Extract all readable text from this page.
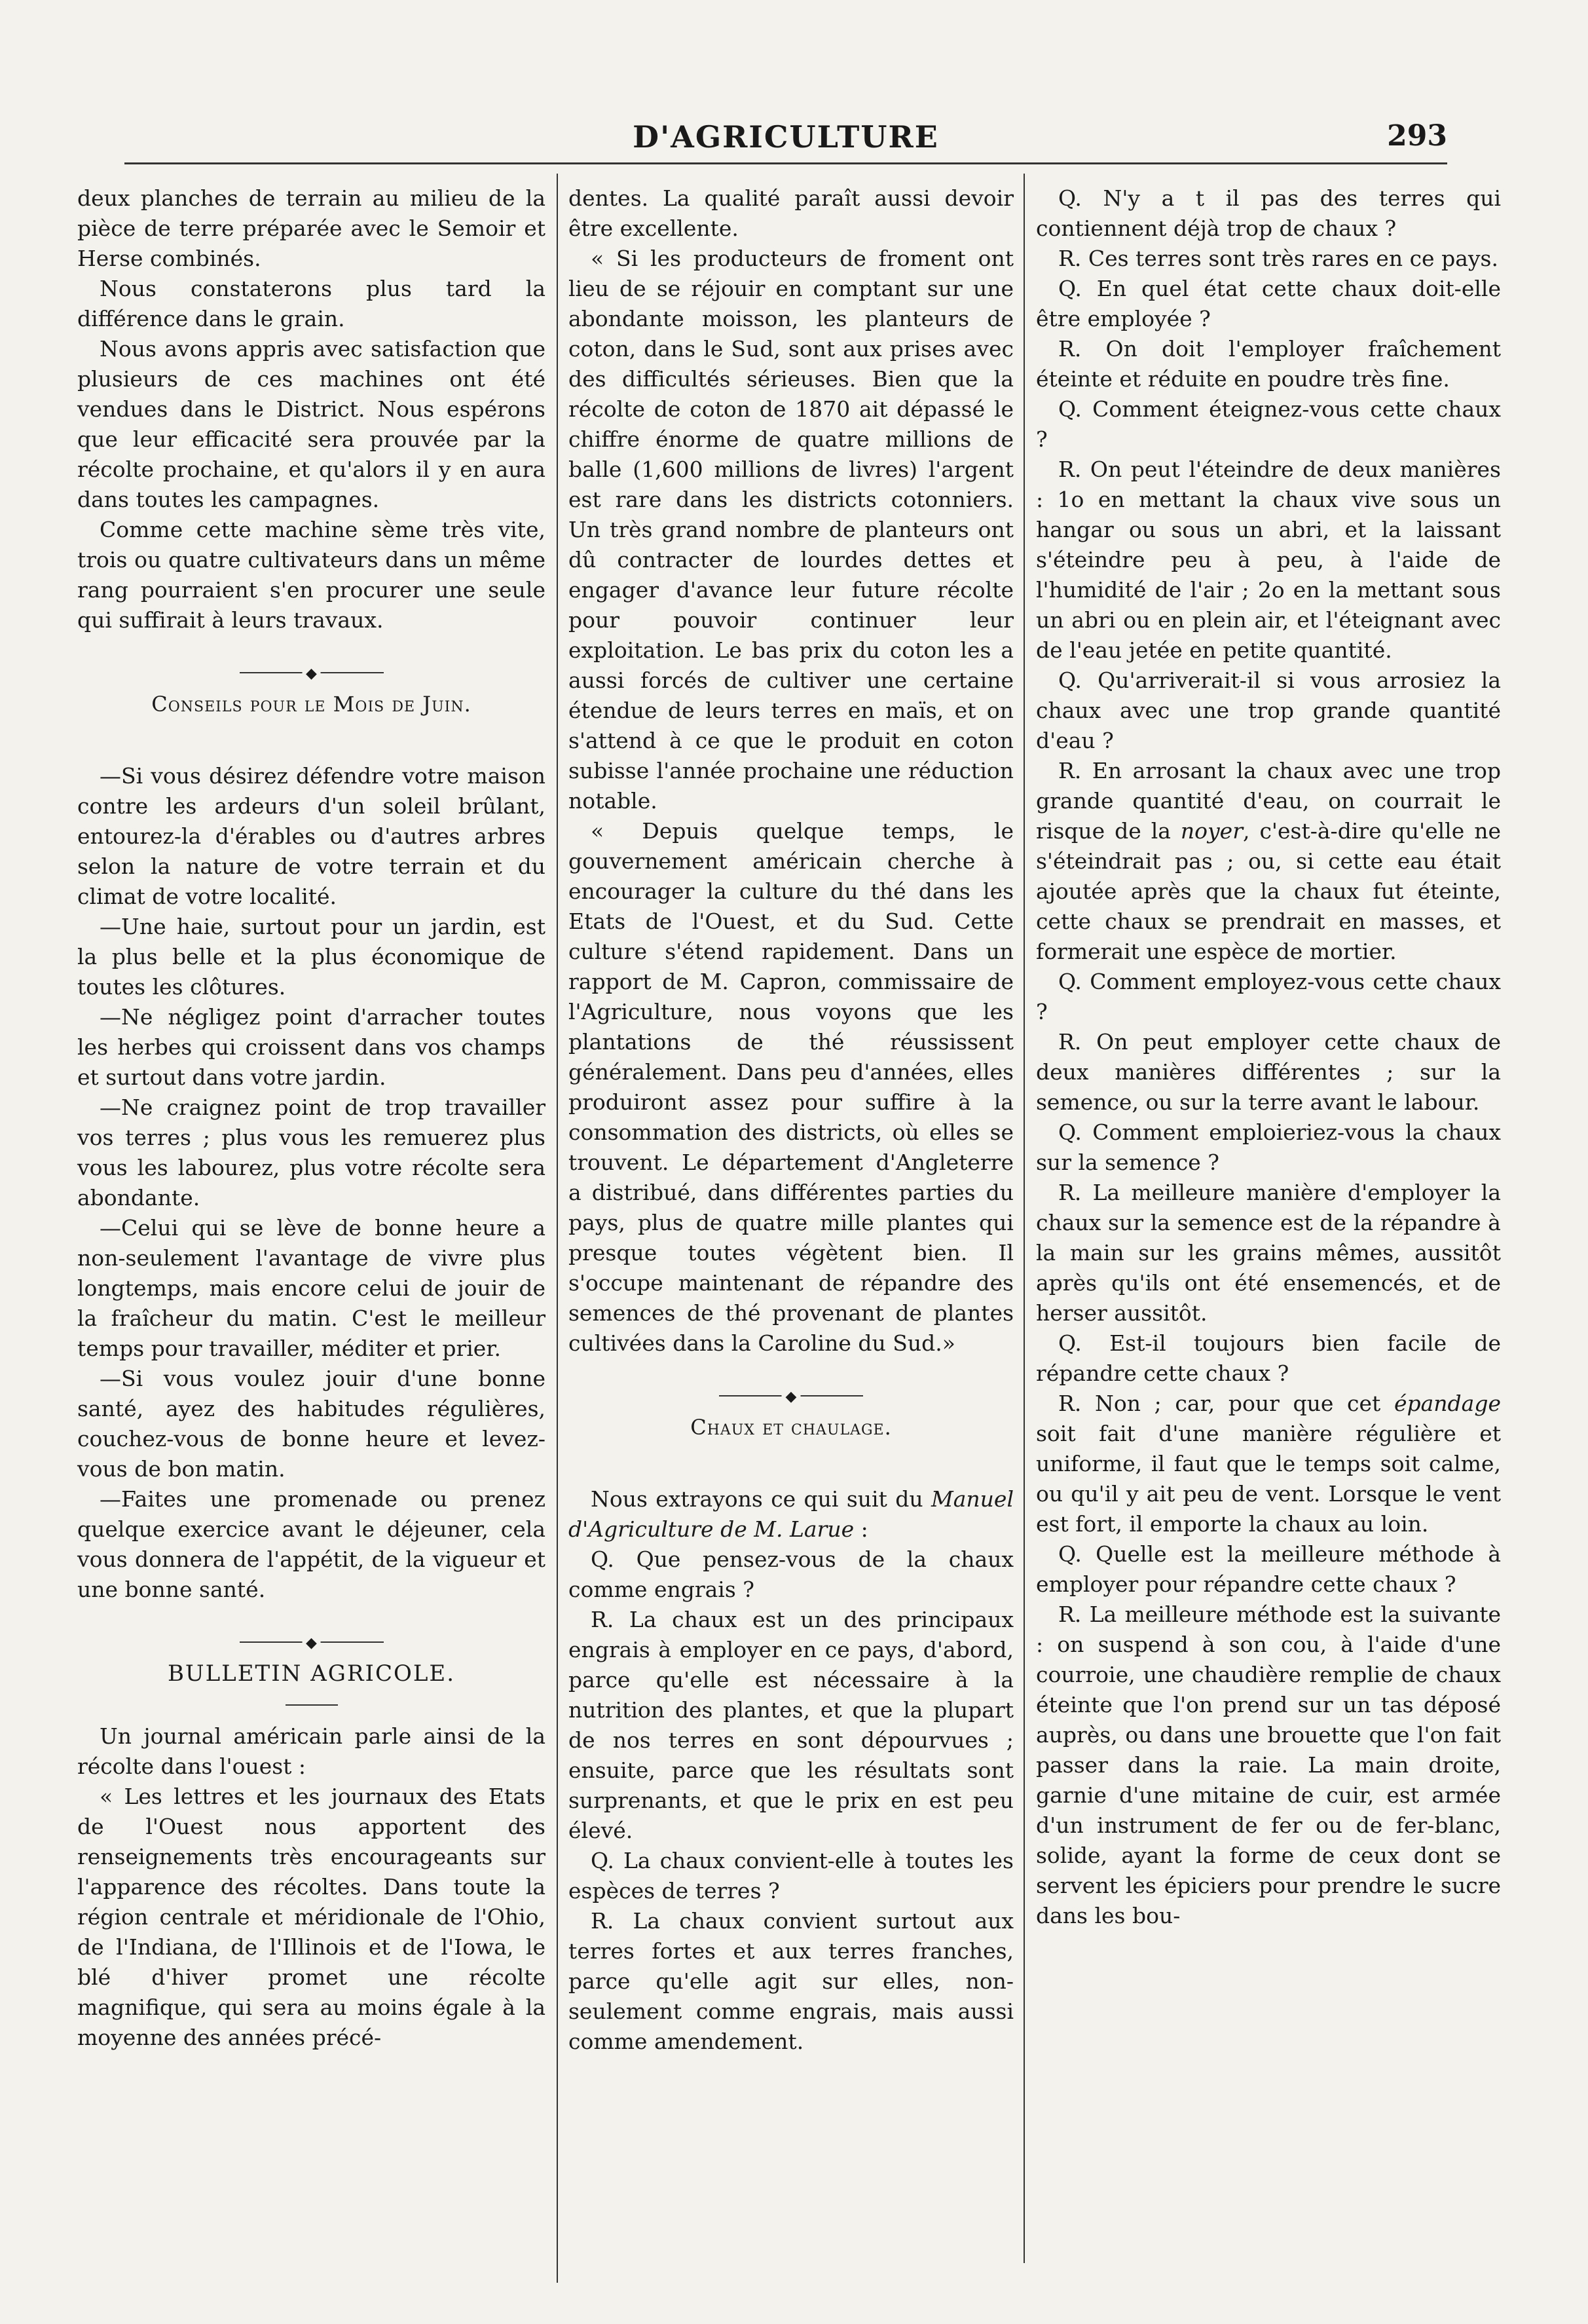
D'AGRICULTURE	293

deux planches de terrain au milieu de la pièce de terre préparée avec le Semoir et Herse combinés.

Nous constaterons plus tard la différence dans le grain.

Nous avons appris avec satisfaction que plusieurs de ces machines ont été vendues dans le District. Nous espérons que leur efficacité sera prouvée par la récolte prochaine, et qu'alors il y en aura dans toutes les campagnes.

Comme cette machine sème très vite, trois ou quatre cultivateurs dans un même rang pourraient s'en procurer une seule qui suffirait à leurs travaux.

◆
Conseils pour le Mois de Juin.

—Si vous désirez défendre votre maison contre les ardeurs d'un soleil brûlant, entourez-la d'érables ou d'autres arbres selon la nature de votre terrain et du climat de votre localité.

—Une haie, surtout pour un jardin, est la plus belle et la plus économique de toutes les clôtures.

—Ne négligez point d'arracher toutes les herbes qui croissent dans vos champs et surtout dans votre jardin.

—Ne craignez point de trop travailler vos terres ; plus vous les remuerez plus vous les labourez, plus votre récolte sera abondante.

—Celui qui se lève de bonne heure a non-seulement l'avantage de vivre plus longtemps, mais encore celui de jouir de la fraîcheur du matin. C'est le meilleur temps pour travailler, méditer et prier.

—Si vous voulez jouir d'une bonne santé, ayez des habitudes régulières, couchez-vous de bonne heure et levez-vous de bon matin.

—Faites une promenade ou prenez quelque exercice avant le déjeuner, cela vous donnera de l'appétit, de la vigueur et une bonne santé.

◆
BULLETIN AGRICOLE.

Un journal américain parle ainsi de la récolte dans l'ouest :

« Les lettres et les journaux des Etats de l'Ouest nous apportent des renseignements très encourageants sur l'apparence des récoltes. Dans toute la région centrale et méridionale de l'Ohio, de l'Indiana, de l'Illinois et de l'Iowa, le blé d'hiver promet une récolte magnifique, qui sera au moins égale à la moyenne des années précé-

dentes. La qualité paraît aussi devoir être excellente.

« Si les producteurs de froment ont lieu de se réjouir en comptant sur une abondante moisson, les planteurs de coton, dans le Sud, sont aux prises avec des difficultés sérieuses. Bien que la récolte de coton de 1870 ait dépassé le chiffre énorme de quatre millions de balle (1,600 millions de livres) l'argent est rare dans les districts cotonniers. Un très grand nombre de planteurs ont dû contracter de lourdes dettes et engager d'avance leur future récolte pour pouvoir continuer leur exploitation. Le bas prix du coton les a aussi forcés de cultiver une certaine étendue de leurs terres en maïs, et on s'attend à ce que le produit en coton subisse l'année prochaine une réduction notable.

« Depuis quelque temps, le gouvernement américain cherche à encourager la culture du thé dans les Etats de l'Ouest, et du Sud. Cette culture s'étend rapidement. Dans un rapport de M. Capron, commissaire de l'Agriculture, nous voyons que les plantations de thé réussissent généralement. Dans peu d'années, elles produiront assez pour suffire à la consommation des districts, où elles se trouvent. Le département d'Angleterre a distribué, dans différentes parties du pays, plus de quatre mille plantes qui presque toutes végètent bien. Il s'occupe maintenant de répandre des semences de thé provenant de plantes cultivées dans la Caroline du Sud.»

◆
Chaux et chaulage.

Nous extrayons ce qui suit du Manuel d'Agriculture de M. Larue :

Q. Que pensez-vous de la chaux comme engrais ?

R. La chaux est un des principaux engrais à employer en ce pays, d'abord, parce qu'elle est nécessaire à la nutrition des plantes, et que la plupart de nos terres en sont dépourvues ; ensuite, parce que les résultats sont surprenants, et que le prix en est peu élevé.

Q. La chaux convient-elle à toutes les espèces de terres ?

R. La chaux convient surtout aux terres fortes et aux terres franches, parce qu'elle agit sur elles, non-seulement comme engrais, mais aussi comme amendement.

Q. N'y a t il pas des terres qui contiennent déjà trop de chaux ?

R. Ces terres sont très rares en ce pays.

Q. En quel état cette chaux doit-elle être employée ?

R. On doit l'employer fraîchement éteinte et réduite en poudre très fine.

Q. Comment éteignez-vous cette chaux ?

R. On peut l'éteindre de deux manières : 1o en mettant la chaux vive sous un hangar ou sous un abri, et la laissant s'éteindre peu à peu, à l'aide de l'humidité de l'air ; 2o en la mettant sous un abri ou en plein air, et l'éteignant avec de l'eau jetée en petite quantité.

Q. Qu'arriverait-il si vous arrosiez la chaux avec une trop grande quantité d'eau ?

R. En arrosant la chaux avec une trop grande quantité d'eau, on courrait le risque de la noyer, c'est-à-dire qu'elle ne s'éteindrait pas ; ou, si cette eau était ajoutée après que la chaux fut éteinte, cette chaux se prendrait en masses, et formerait une espèce de mortier.

Q. Comment employez-vous cette chaux ?

R. On peut employer cette chaux de deux manières différentes ; sur la semence, ou sur la terre avant le labour.

Q. Comment emploieriez-vous la chaux sur la semence ?

R. La meilleure manière d'employer la chaux sur la semence est de la répandre à la main sur les grains mêmes, aussitôt après qu'ils ont été ensemencés, et de herser aussitôt.

Q. Est-il toujours bien facile de répandre cette chaux ?

R. Non ; car, pour que cet épandage soit fait d'une manière régulière et uniforme, il faut que le temps soit calme, ou qu'il y ait peu de vent. Lorsque le vent est fort, il emporte la chaux au loin.

Q. Quelle est la meilleure méthode à employer pour répandre cette chaux ?

R. La meilleure méthode est la suivante : on suspend à son cou, à l'aide d'une courroie, une chaudière remplie de chaux éteinte que l'on prend sur un tas déposé auprès, ou dans une brouette que l'on fait passer dans la raie. La main droite, garnie d'une mitaine de cuir, est armée d'un instrument de fer ou de fer-blanc, solide, ayant la forme de ceux dont se servent les épiciers pour prendre le sucre dans les bou-
